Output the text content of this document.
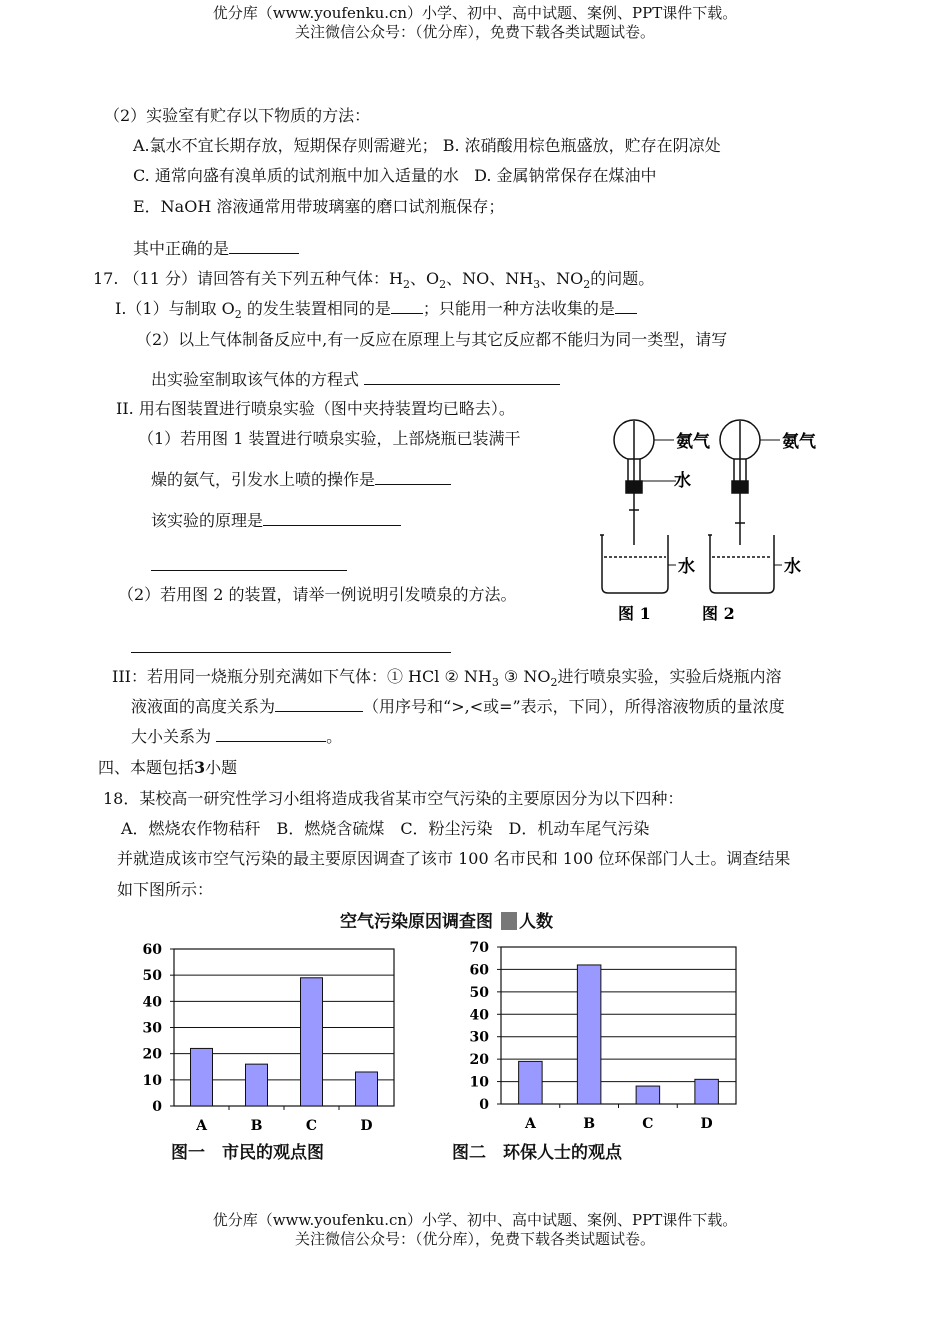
优分库（www.youfenku.cn）小学、初中、高中试题、案例、PPT课件下载。
关注微信公众号：（优分库），免费下载各类试题试卷。
（2）实验室有贮存以下物质的方法：
A.氯水不宜长期存放，短期保存则需避光； B. 浓硝酸用棕色瓶盛放，贮存在阴凉处
C. 通常向盛有溴单质的试剂瓶中加入适量的水 D. 金属钠常保存在煤油中
E．NaOH 溶液通常用带玻璃塞的磨口试剂瓶保存；
其中正确的是
17. （11 分）请回答有关下列五种气体：$H_2$、$O_2$、NO、$NH_3$、$NO_2$的问题。
I.（1）与制取 $O_2$ 的发生装置相同的是 ；只能用一种方法收集的是
（2）以上气体制备反应中,有一反应在原理上与其它反应都不能归为同一类型，请写
出实验室制取该气体的方程式
II. 用右图装置进行喷泉实验（图中夹持装置均已略去）。
（1）若用图 1 装置进行喷泉实验，上部烧瓶已装满干
燥的氨气，引发水上喷的操作是
该实验的原理是
（2）若用图 2 的装置，请举一例说明引发喷泉的方法。
III：若用同一烧瓶分别充满如下气体：① HCl ② $NH_3$ ③ $NO_2$进行喷泉实验，实验后烧瓶内溶
液液面的高度关系为	（用序号和“>,<或=”表示，下同），所得溶液物质的量浓度
大小关系为	。
氨气	氨气
水
水	水
图 1	图 2
四、本题包括3小题
18．某校高一研究性学习小组将造成我省某市空气污染的主要原因分为以下四种：
A．燃烧农作物秸秆　B．燃烧含硫煤　C．粉尘污染　D．机动车尾气污染
并就造成该市空气污染的最主要原因调查了该市 100 名市民和 100 位环保部门人士。调查结果
如下图所示：
空气污染原因调查图 人数
0
10
20
30
40
50
60
A	B	C	D
0
10
20
30
40
50
60
70
A	B	C	D
图一　市民的观点图	图二　环保人士的观点
优分库（www.youfenku.cn）小学、初中、高中试题、案例、PPT课件下载。
关注微信公众号：（优分库），免费下载各类试题试卷。
